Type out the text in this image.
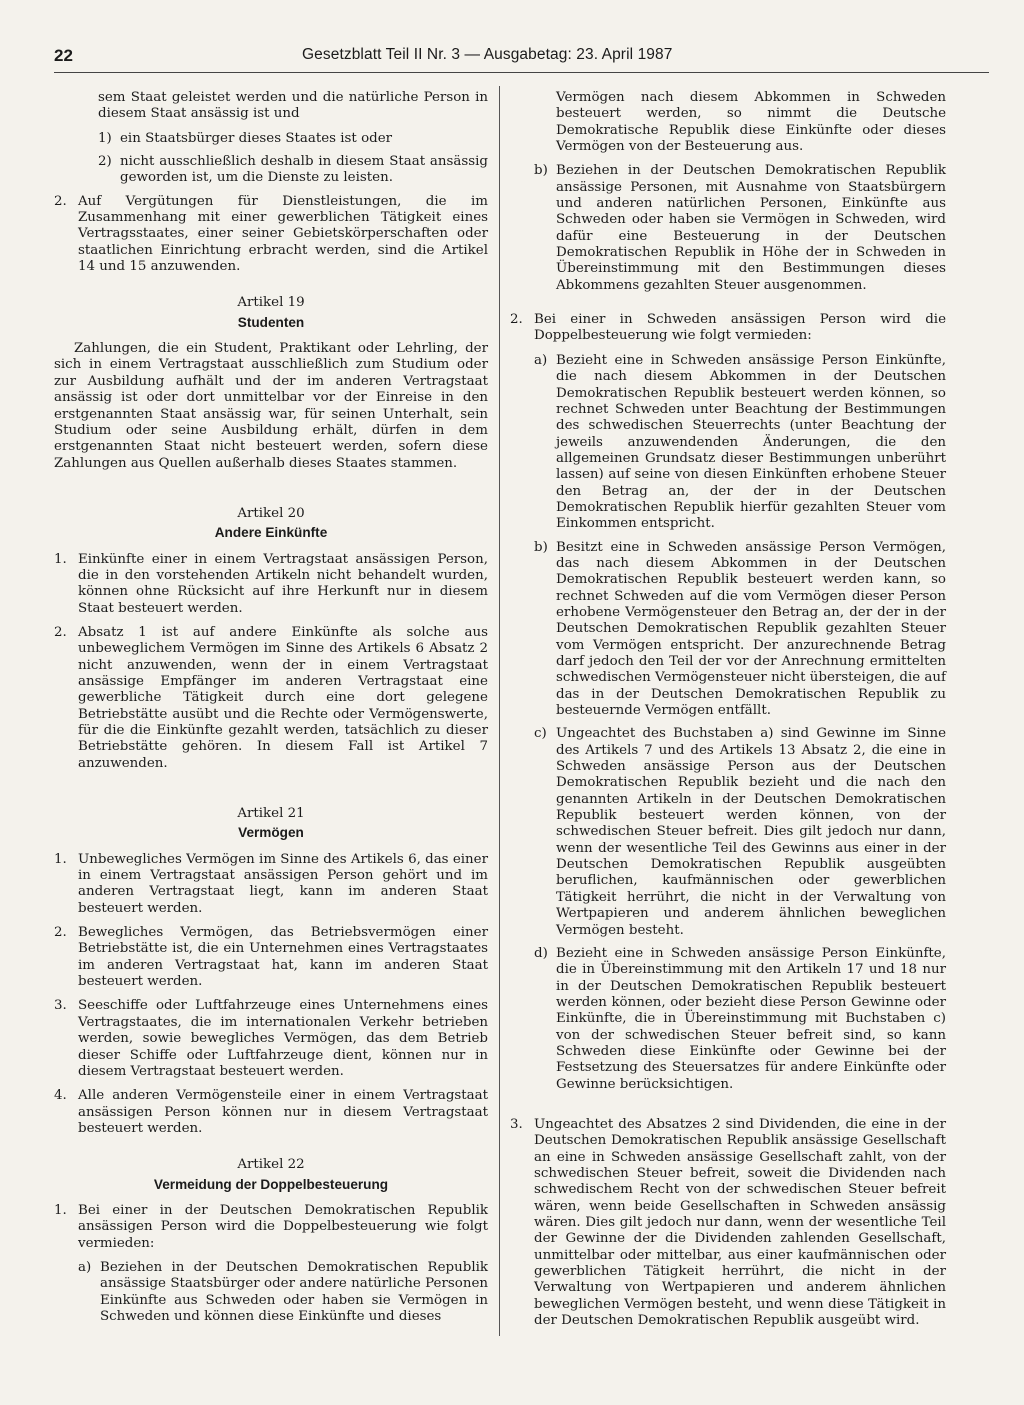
22	Gesetzblatt Teil II Nr. 3 — Ausgabetag: 23. April 1987
sem Staat geleistet werden und die natürliche Person in diesem Staat ansässig ist und
1) ein Staatsbürger dieses Staates ist oder
2) nicht ausschließlich deshalb in diesem Staat ansässig geworden ist, um die Dienste zu leisten.
2. Auf Vergütungen für Dienstleistungen, die im Zusammenhang mit einer gewerblichen Tätigkeit eines Vertragsstaates, einer seiner Gebietskörperschaften oder staatlichen Einrichtung erbracht werden, sind die Artikel 14 und 15 anzuwenden.
Artikel 19
Studenten
Zahlungen, die ein Student, Praktikant oder Lehrling, der sich in einem Vertragstaat ausschließlich zum Studium oder zur Ausbildung aufhält und der im anderen Vertragstaat ansässig ist oder dort unmittelbar vor der Einreise in den erstgenannten Staat ansässig war, für seinen Unterhalt, sein Studium oder seine Ausbildung erhält, dürfen in dem erstgenannten Staat nicht besteuert werden, sofern diese Zahlungen aus Quellen außerhalb dieses Staates stammen.
Artikel 20
Andere Einkünfte
1. Einkünfte einer in einem Vertragstaat ansässigen Person, die in den vorstehenden Artikeln nicht behandelt wurden, können ohne Rücksicht auf ihre Herkunft nur in diesem Staat besteuert werden.
2. Absatz 1 ist auf andere Einkünfte als solche aus unbeweglichem Vermögen im Sinne des Artikels 6 Absatz 2 nicht anzuwenden, wenn der in einem Vertragstaat ansässige Empfänger im anderen Vertragstaat eine gewerbliche Tätigkeit durch eine dort gelegene Betriebstätte ausübt und die Rechte oder Vermögenswerte, für die die Einkünfte gezahlt werden, tatsächlich zu dieser Betriebstätte gehören. In diesem Fall ist Artikel 7 anzuwenden.
Artikel 21
Vermögen
1. Unbewegliches Vermögen im Sinne des Artikels 6, das einer in einem Vertragstaat ansässigen Person gehört und im anderen Vertragstaat liegt, kann im anderen Staat besteuert werden.
2. Bewegliches Vermögen, das Betriebsvermögen einer Betriebstätte ist, die ein Unternehmen eines Vertragstaates im anderen Vertragstaat hat, kann im anderen Staat besteuert werden.
3. Seeschiffe oder Luftfahrzeuge eines Unternehmens eines Vertragstaates, die im internationalen Verkehr betrieben werden, sowie bewegliches Vermögen, das dem Betrieb dieser Schiffe oder Luftfahrzeuge dient, können nur in diesem Vertragstaat besteuert werden.
4. Alle anderen Vermögensteile einer in einem Vertragstaat ansässigen Person können nur in diesem Vertragstaat besteuert werden.
Artikel 22
Vermeidung der Doppelbesteuerung
1. Bei einer in der Deutschen Demokratischen Republik ansässigen Person wird die Doppelbesteuerung wie folgt vermieden:
a) Beziehen in der Deutschen Demokratischen Republik ansässige Staatsbürger oder andere natürliche Personen Einkünfte aus Schweden oder haben sie Vermögen in Schweden und können diese Einkünfte und dieses
Vermögen nach diesem Abkommen in Schweden besteuert werden, so nimmt die Deutsche Demokratische Republik diese Einkünfte oder dieses Vermögen von der Besteuerung aus.
b) Beziehen in der Deutschen Demokratischen Republik ansässige Personen, mit Ausnahme von Staatsbürgern und anderen natürlichen Personen, Einkünfte aus Schweden oder haben sie Vermögen in Schweden, wird dafür eine Besteuerung in der Deutschen Demokratischen Republik in Höhe der in Schweden in Übereinstimmung mit den Bestimmungen dieses Abkommens gezahlten Steuer ausgenommen.
2. Bei einer in Schweden ansässigen Person wird die Doppelbesteuerung wie folgt vermieden:
a) Bezieht eine in Schweden ansässige Person Einkünfte, die nach diesem Abkommen in der Deutschen Demokratischen Republik besteuert werden können, so rechnet Schweden unter Beachtung der Bestimmungen des schwedischen Steuerrechts (unter Beachtung der jeweils anzuwendenden Änderungen, die den allgemeinen Grundsatz dieser Bestimmungen unberührt lassen) auf seine von diesen Einkünften erhobene Steuer den Betrag an, der der in der Deutschen Demokratischen Republik hierfür gezahlten Steuer vom Einkommen entspricht.
b) Besitzt eine in Schweden ansässige Person Vermögen, das nach diesem Abkommen in der Deutschen Demokratischen Republik besteuert werden kann, so rechnet Schweden auf die vom Vermögen dieser Person erhobene Vermögensteuer den Betrag an, der der in der Deutschen Demokratischen Republik gezahlten Steuer vom Vermögen entspricht. Der anzurechnende Betrag darf jedoch den Teil der vor der Anrechnung ermittelten schwedischen Vermögensteuer nicht übersteigen, die auf das in der Deutschen Demokratischen Republik zu besteuernde Vermögen entfällt.
c) Ungeachtet des Buchstaben a) sind Gewinne im Sinne des Artikels 7 und des Artikels 13 Absatz 2, die eine in Schweden ansässige Person aus der Deutschen Demokratischen Republik bezieht und die nach den genannten Artikeln in der Deutschen Demokratischen Republik besteuert werden können, von der schwedischen Steuer befreit. Dies gilt jedoch nur dann, wenn der wesentliche Teil des Gewinns aus einer in der Deutschen Demokratischen Republik ausgeübten beruflichen, kaufmännischen oder gewerblichen Tätigkeit herrührt, die nicht in der Verwaltung von Wertpapieren und anderem ähnlichen beweglichen Vermögen besteht.
d) Bezieht eine in Schweden ansässige Person Einkünfte, die in Übereinstimmung mit den Artikeln 17 und 18 nur in der Deutschen Demokratischen Republik besteuert werden können, oder bezieht diese Person Gewinne oder Einkünfte, die in Übereinstimmung mit Buchstaben c) von der schwedischen Steuer befreit sind, so kann Schweden diese Einkünfte oder Gewinne bei der Festsetzung des Steuersatzes für andere Einkünfte oder Gewinne berücksichtigen.
3. Ungeachtet des Absatzes 2 sind Dividenden, die eine in der Deutschen Demokratischen Republik ansässige Gesellschaft an eine in Schweden ansässige Gesellschaft zahlt, von der schwedischen Steuer befreit, soweit die Dividenden nach schwedischem Recht von der schwedischen Steuer befreit wären, wenn beide Gesellschaften in Schweden ansässig wären. Dies gilt jedoch nur dann, wenn der wesentliche Teil der Gewinne der die Dividenden zahlenden Gesellschaft, unmittelbar oder mittelbar, aus einer kaufmännischen oder gewerblichen Tätigkeit herrührt, die nicht in der Verwaltung von Wertpapieren und anderem ähnlichen beweglichen Vermögen besteht, und wenn diese Tätigkeit in der Deutschen Demokratischen Republik ausgeübt wird.
